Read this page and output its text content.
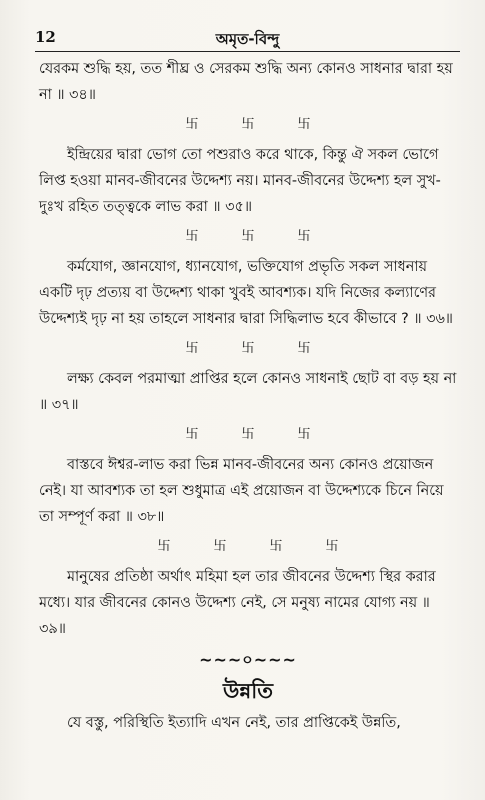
12	অমৃত-বিন্দু

যেরকম শুদ্ধি হয়, তত শীঘ্র ও সেরকম শুদ্ধি অন্য কোনও সাধনার দ্বারা হয় না ॥ ৩৪॥

卐	卐	卐

ইন্দ্রিয়ের দ্বারা ভোগ তো পশুরাও করে থাকে, কিন্তু ঐ সকল ভোগে লিপ্ত হওয়া মানব-জীবনের উদ্দেশ্য নয়। মানব-জীবনের উদ্দেশ্য হল সুখ-দুঃখ রহিত তত্ত্বকে লাভ করা ॥ ৩৫॥

卐	卐	卐

কর্মযোগ, জ্ঞানযোগ, ধ্যানযোগ, ভক্তিযোগ প্রভৃতি সকল সাধনায় একটি দৃঢ় প্রত্যয় বা উদ্দেশ্য থাকা খুবই আবশ্যক। যদি নিজের কল্যাণের উদ্দেশ্যই দৃঢ় না হয় তাহলে সাধনার দ্বারা সিদ্ধিলাভ হবে কীভাবে ? ॥ ৩৬॥

卐	卐	卐

লক্ষ্য কেবল পরমাত্মা প্রাপ্তির হলে কোনও সাধনাই ছোট বা বড় হয় না ॥ ৩৭॥

卐	卐	卐

বাস্তবে ঈশ্বর-লাভ করা ভিন্ন মানব-জীবনের অন্য কোনও প্রয়োজন নেই। যা আবশ্যক তা হল শুধুমাত্র এই প্রয়োজন বা উদ্দেশ্যকে চিনে নিয়ে তা সম্পূর্ণ করা ॥ ৩৮॥

卐	卐	卐	卐

মানুষের প্রতিষ্ঠা অর্থাৎ মহিমা হল তার জীবনের উদ্দেশ্য স্থির করার মধ্যে। যার জীবনের কোনও উদ্দেশ্য নেই, সে মনুষ্য নামের যোগ্য নয় ॥ ৩৯॥

~~~০~~~
উন্নতি

যে বস্তু, পরিস্থিতি ইত্যাদি এখন নেই, তার প্রাপ্তিকেই উন্নতি,
